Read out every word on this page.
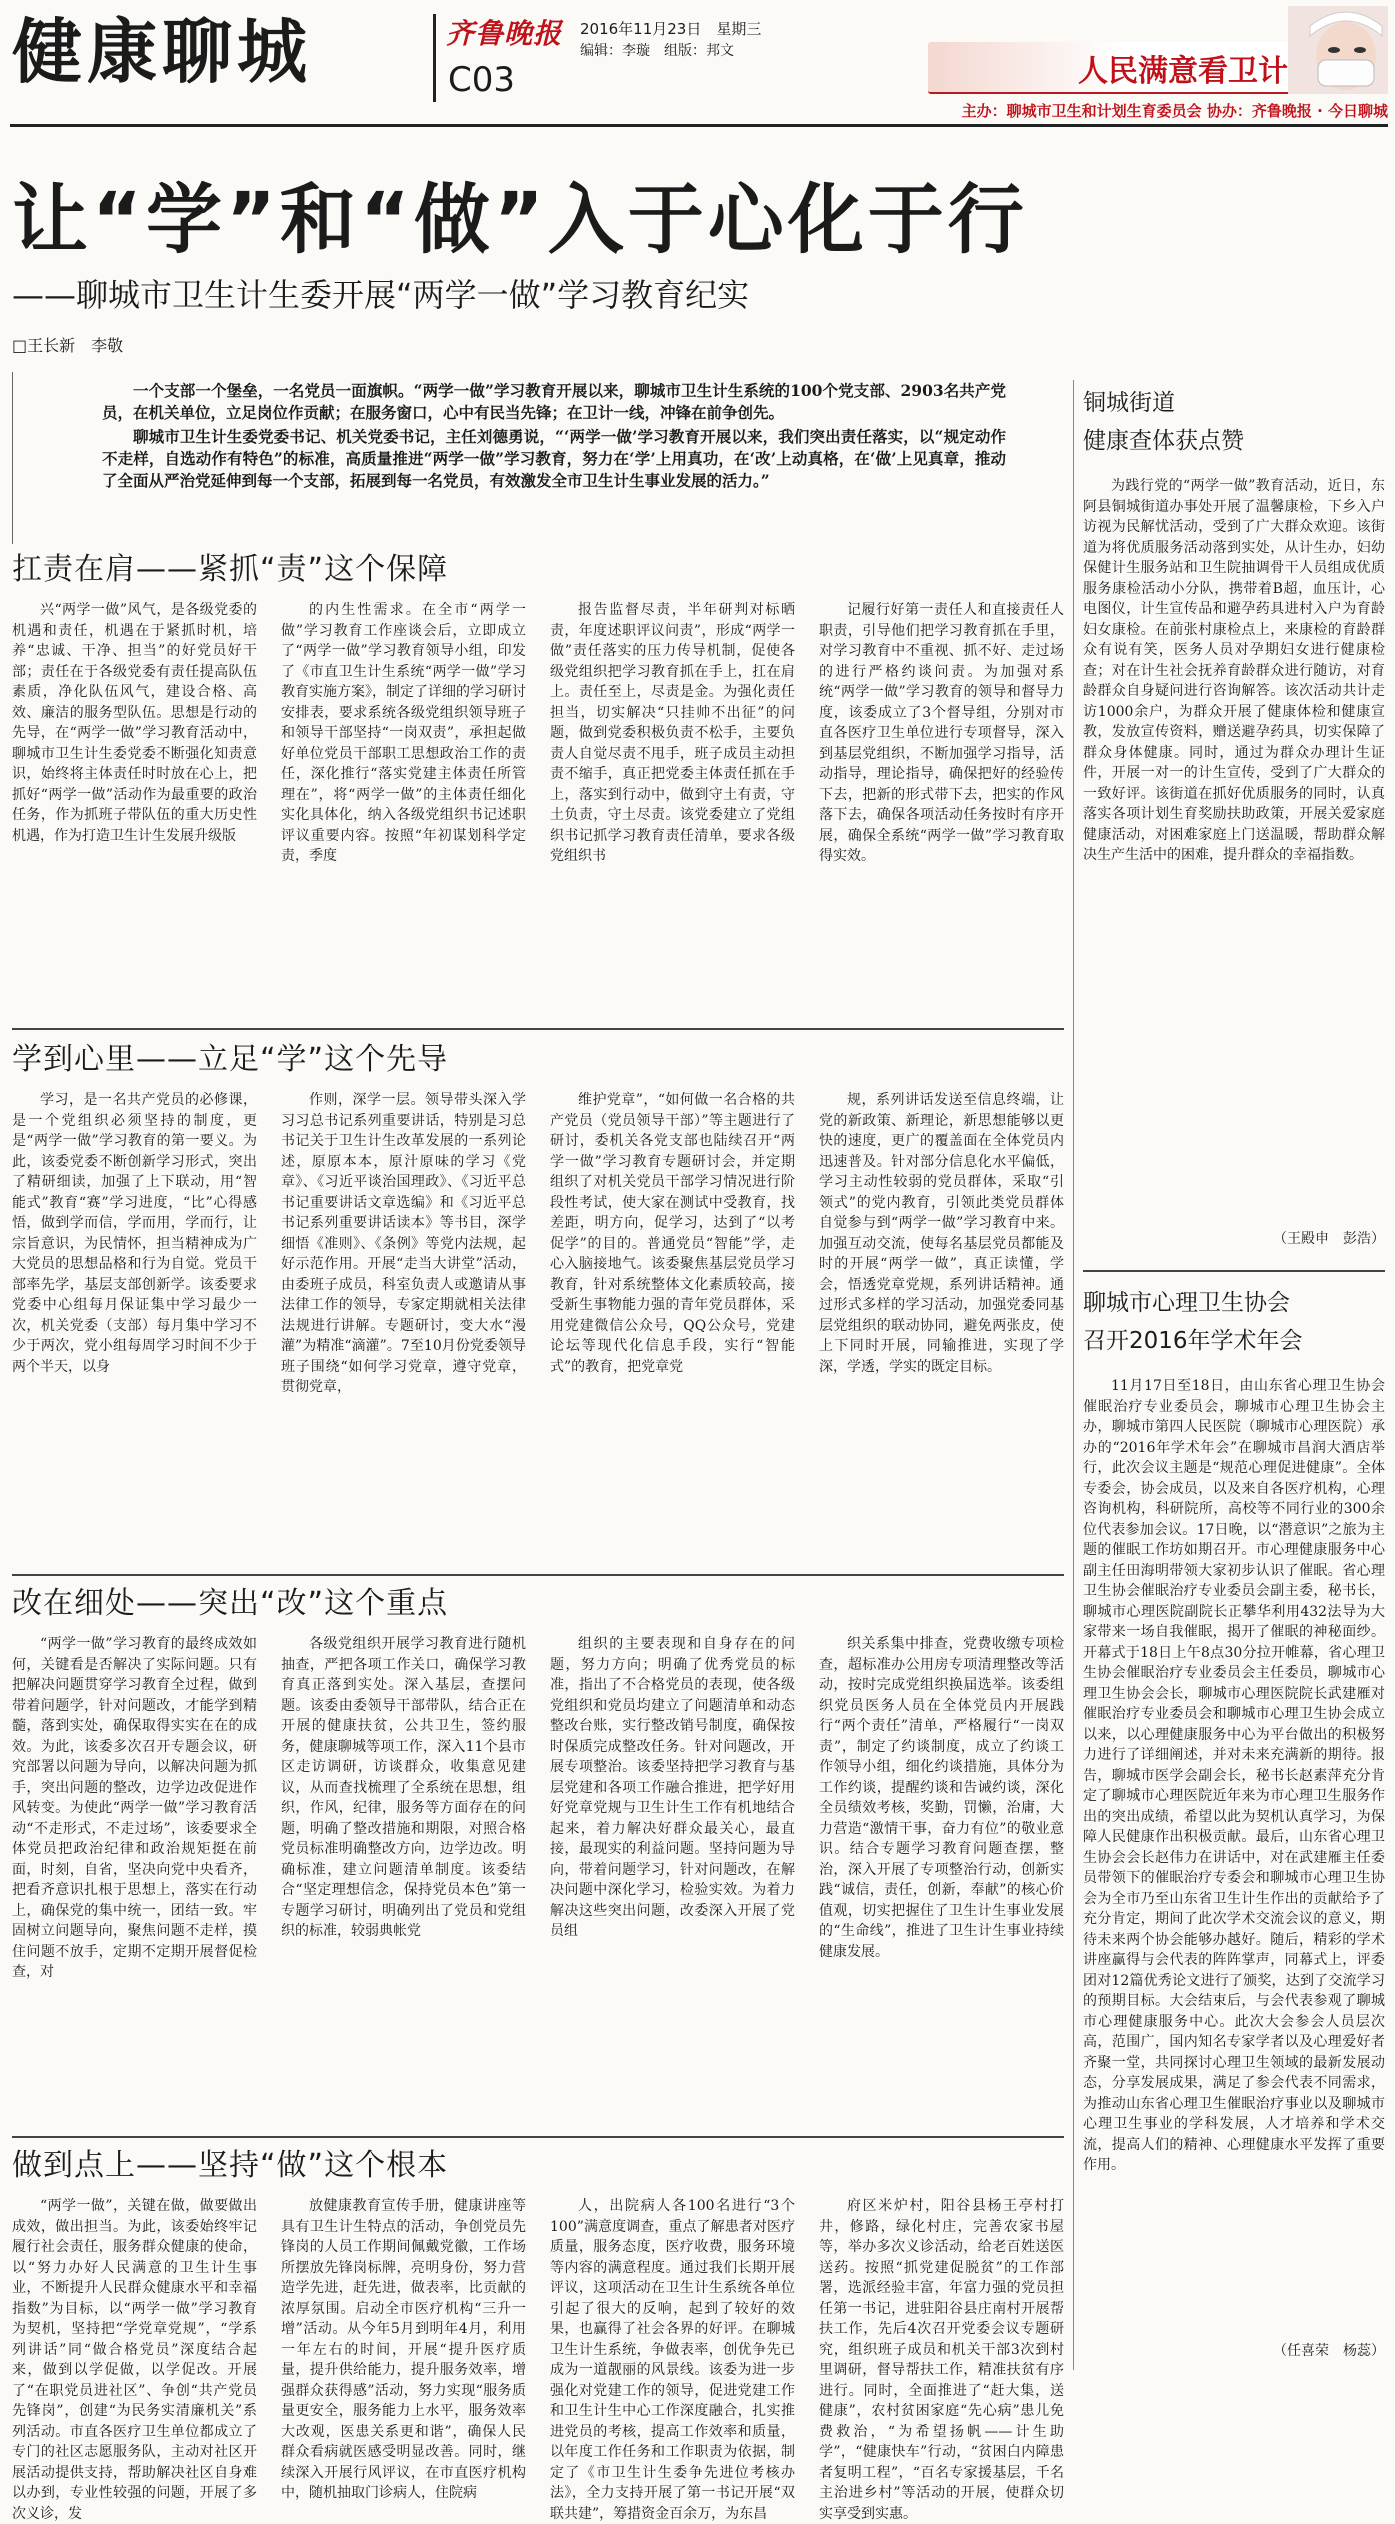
健康聊城	齐鲁晚报 2016年11月23日　星期三
编辑：李璇　组版：邦文
C03	人民满意看卫计
主办：聊城市卫生和计划生育委员会 协办：齐鲁晚报 · 今日聊城
让“学”和“做”入于心化于行
——聊城市卫生计生委开展“两学一做”学习教育纪实
□王长新　李敬

一个支部一个堡垒，一名党员一面旗帜。“两学一做”学习教育开展以来，聊城市卫生计生系统的100个党支部、2903名共产党员，在机关单位，立足岗位作贡献；在服务窗口，心中有民当先锋；在卫计一线，冲锋在前争创先。

聊城市卫生计生委党委书记、机关党委书记，主任刘德勇说，“‘两学一做’学习教育开展以来，我们突出责任落实，以“规定动作不走样，自选动作有特色”的标准，高质量推进“两学一做”学习教育，努力在‘学’上用真功，在‘改’上动真格，在‘做’上见真章，推动了全面从严治党延伸到每一个支部，拓展到每一名党员，有效激发全市卫生计生事业发展的活力。”

扛责在肩——紧抓“责”这个保障

兴“两学一做”风气，是各级党委的机遇和责任，机遇在于紧抓时机，培养“忠诚、干净、担当”的好党员好干部；责任在于各级党委有责任提高队伍素质，净化队伍风气，建设合格、高效、廉洁的服务型队伍。思想是行动的先导，在“两学一做”学习教育活动中，聊城市卫生计生委党委不断强化知责意识，始终将主体责任时时放在心上，把抓好“两学一做”活动作为最重要的政治任务，作为抓班子带队伍的重大历史性机遇，作为打造卫生计生发展升级版

的内生性需求。在全市“两学一做”学习教育工作座谈会后，立即成立了“两学一做”学习教育领导小组，印发了《市直卫生计生系统“两学一做”学习教育实施方案》，制定了详细的学习研讨安排表，要求系统各级党组织领导班子和领导干部坚持“一岗双责”，承担起做好单位党员干部职工思想政治工作的责任，深化推行“落实党建主体责任所管理在”，将“两学一做”的主体责任细化实化具体化，纳入各级党组织书记述职评议重要内容。按照“年初谋划科学定责，季度

报告监督尽责，半年研判对标晒责，年度述职评议问责”，形成“两学一做”责任落实的压力传导机制，促使各级党组织把学习教育抓在手上，扛在肩上。责任至上，尽责是金。为强化责任担当，切实解决“只挂帅不出征”的问题，做到党委积极负责不松手，主要负责人自觉尽责不甩手，班子成员主动担责不缩手，真正把党委主体责任抓在手上，落实到行动中，做到守土有责，守土负责，守土尽责。该党委建立了党组织书记抓学习教育责任清单，要求各级党组织书

记履行好第一责任人和直接责任人职责，引导他们把学习教育抓在手里，对学习教育中不重视、抓不好、走过场的进行严格约谈问责。为加强对系统“两学一做”学习教育的领导和督导力度，该委成立了3个督导组，分别对市直各医疗卫生单位进行专项督导，深入到基层党组织，不断加强学习指导，活动指导，理论指导，确保把好的经验传下去，把新的形式带下去，把实的作风落下去，确保各项活动任务按时有序开展，确保全系统“两学一做”学习教育取得实效。

学到心里——立足“学”这个先导

学习，是一名共产党员的必修课，是一个党组织必须坚持的制度，更是“两学一做”学习教育的第一要义。为此，该委党委不断创新学习形式，突出了精研细读，加强了上下联动，用“智能式”教育“赛”学习进度，“比”心得感悟，做到学而信，学而用，学而行，让宗旨意识，为民情怀，担当精神成为广大党员的思想品格和行为自觉。党员干部率先学，基层支部创新学。该委要求党委中心组每月保证集中学习最少一次，机关党委（支部）每月集中学习不少于两次，党小组每周学习时间不少于两个半天，以身

作则，深学一层。领导带头深入学习习总书记系列重要讲话，特别是习总书记关于卫生计生改革发展的一系列论述，原原本本，原汁原味的学习《党章》、《习近平谈治国理政》、《习近平总书记重要讲话文章选编》和《习近平总书记系列重要讲话读本》等书目，深学细悟《准则》、《条例》等党内法规，起好示范作用。开展“走当大讲堂”活动，由委班子成员，科室负责人或邀请从事法律工作的领导，专家定期就相关法律法规进行讲解。专题研讨，变大水“漫灌”为精准“滴灌”。7至10月份党委领导班子围绕“如何学习党章，遵守党章，贯彻党章，

维护党章”，“如何做一名合格的共产党员（党员领导干部）”等主题进行了研讨，委机关各党支部也陆续召开“两学一做”学习教育专题研讨会，并定期组织了对机关党员干部学习情况进行阶段性考试，使大家在测试中受教育，找差距，明方向，促学习，达到了“以考促学”的目的。普通党员“智能”学，走心入脑接地气。该委聚焦基层党员学习教育，针对系统整体文化素质较高，接受新生事物能力强的青年党员群体，采用党建微信公众号，QQ公众号，党建论坛等现代化信息手段，实行“智能式”的教育，把党章党

规，系列讲话发送至信息终端，让党的新政策、新理论，新思想能够以更快的速度，更广的覆盖面在全体党员内迅速普及。针对部分信息化水平偏低，学习主动性较弱的党员群体，采取“引领式”的党内教育，引领此类党员群体自觉参与到“两学一做”学习教育中来。加强互动交流，使每名基层党员都能及时的开展“两学一做”，真正读懂，学会，悟透党章党规，系列讲话精神。通过形式多样的学习活动，加强党委同基层党组织的联动协同，避免两张皮，使上下同时开展，同输推进，实现了学深，学透，学实的既定目标。

改在细处——突出“改”这个重点

“两学一做”学习教育的最终成效如何，关键看是否解决了实际问题。只有把解决问题贯穿学习教育全过程，做到带着问题学，针对问题改，才能学到精髓，落到实处，确保取得实实在在的成效。为此，该委多次召开专题会议，研究部署以问题为导向，以解决问题为抓手，突出问题的整改，边学边改促进作风转变。为使此“两学一做”学习教育活动“不走形式，不走过场”，该委要求全体党员把政治纪律和政治规矩挺在前面，时刻，自省，坚决向党中央看齐，把看齐意识扎根于思想上，落实在行动上，确保党的集中统一，团结一致。牢固树立问题导向，聚焦问题不走样，摸住问题不放手，定期不定期开展督促检查，对

各级党组织开展学习教育进行随机抽查，严把各项工作关口，确保学习教育真正落到实处。深入基层，查摆问题。该委由委领导干部带队，结合正在开展的健康扶贫，公共卫生，签约服务，健康聊城等项工作，深入11个县市区走访调研，访谈群众，收集意见建议，从而查找梳理了全系统在思想，组织，作风，纪律，服务等方面存在的问题，明确了整改措施和期限，对照合格党员标准明确整改方向，边学边改。明确标准，建立问题清单制度。该委结合“坚定理想信念，保持党员本色”第一专题学习研讨，明确列出了党员和党组织的标准，较弱典帐党

组织的主要表现和自身存在的问题，努力方向；明确了优秀党员的标准，指出了不合格党员的表现，使各级党组织和党员均建立了问题清单和动态整改台账，实行整改销号制度，确保按时保质完成整改任务。针对问题改，开展专项整治。该委坚持把学习教育与基层党建和各项工作融合推进，把学好用好党章党规与卫生计生工作有机地结合起来，着力解决好群众最关心，最直接，最现实的利益问题。坚持问题为导向，带着问题学习，针对问题改，在解决问题中深化学习，检验实效。为着力解决这些突出问题，改委深入开展了党员组

织关系集中排查，党费收缴专项检查，超标准办公用房专项清理整改等活动，按时完成党组织换届选举。该委组织党员医务人员在全体党员内开展践行“两个责任”清单，严格履行“一岗双责”，制定了约谈制度，成立了约谈工作领导小组，细化约谈措施，具体分为工作约谈，提醒约谈和告诫约谈，深化全员绩效考核，奖勤，罚懒，治庸，大力营造“激情干事，奋力有位”的敬业意识。结合专题学习教育问题查摆，整治，深入开展了专项整治行动，创新实践“诚信，责任，创新，奉献”的核心价值观，切实把握住了卫生计生事业发展的“生命线”，推进了卫生计生事业持续健康发展。

做到点上——坚持“做”这个根本

“两学一做”，关键在做，做要做出成效，做出担当。为此，该委始终牢记履行社会责任，服务群众健康的使命，以“努力办好人民满意的卫生计生事业，不断提升人民群众健康水平和幸福指数”为目标，以“两学一做”学习教育为契机，坚持把“学党章党规”，“学系列讲话”同“做合格党员”深度结合起来，做到以学促做，以学促改。开展了“在职党员进社区”、争创“共产党员先锋岗”，创建“为民务实清廉机关”系列活动。市直各医疗卫生单位都成立了专门的社区志愿服务队，主动对社区开展活动提供支持，帮助解决社区自身难以办到，专业性较强的问题，开展了多次义诊，发

放健康教育宣传手册，健康讲座等具有卫生计生特点的活动，争创党员先锋岗的人员工作期间佩戴党徽，工作场所摆放先锋岗标牌，亮明身份，努力营造学先进，赶先进，做表率，比贡献的浓厚氛围。启动全市医疗机构“三升一增”活动。从今年5月到明年4月，利用一年左右的时间，开展“提升医疗质量，提升供给能力，提升服务效率，增强群众获得感”活动，努力实现“服务质量更安全，服务能力上水平，服务效率大改观，医患关系更和谐”，确保人民群众看病就医感受明显改善。同时，继续深入开展行风评议，在市直医疗机构中，随机抽取门诊病人，住院病

人，出院病人各100名进行“3个100”满意度调查，重点了解患者对医疗质量，服务态度，医疗收费，服务环境等内容的满意程度。通过我们长期开展评议，这项活动在卫生计生系统各单位引起了很大的反响，起到了较好的效果，也赢得了社会各界的好评。在聊城卫生计生系统，争做表率，创优争先已成为一道靓丽的风景线。该委为进一步强化对党建工作的领导，促进党建工作和卫生计生中心工作深度融合，扎实推进党员的考核，提高工作效率和质量，以年度工作任务和工作职责为依据，制定了《市卫生计生委争先进位考核办法》，全力支持开展了第一书记开展“双联共建”，筹措资金百余万，为东昌

府区米炉村，阳谷县杨王亭村打井，修路，绿化村庄，完善农家书屋等，举办多次义诊活动，给老百姓送医送药。按照“抓党建促脱贫”的工作部署，选派经验丰富，年富力强的党员担任第一书记，进驻阳谷县庄南村开展帮扶工作，先后4次召开党委会议专题研究，组织班子成员和机关干部3次到村里调研，督导帮扶工作，精准扶贫有序进行。同时，全面推进了“赶大集，送健康”，农村贫困家庭“先心病”患儿免费救治，“为希望扬帆——计生助学”，“健康快车”行动，“贫困白内障患者复明工程”，“百名专家援基层，千名主治进乡村”等活动的开展，使群众切实享受到实惠。

铜城街道
健康查体获点赞

为践行党的“两学一做”教育活动，近日，东阿县铜城街道办事处开展了温馨康检，下乡入户访视为民解忧活动，受到了广大群众欢迎。该街道为将优质服务活动落到实处，从计生办，妇幼保健计生服务站和卫生院抽调骨干人员组成优质服务康检活动小分队，携带着B超，血压计，心电图仪，计生宣传品和避孕药具进村入户为育龄妇女康检。在前张村康检点上，来康检的育龄群众有说有笑，医务人员对孕期妇女进行健康检查；对在计生社会抚养育龄群众进行随访，对育龄群众自身疑问进行咨询解答。该次活动共计走访1000余户，为群众开展了健康体检和健康宣教，发放宣传资料，赠送避孕药具，切实保障了群众身体健康。同时，通过为群众办理计生证件，开展一对一的计生宣传，受到了广大群众的一致好评。该街道在抓好优质服务的同时，认真落实各项计划生育奖励扶助政策，开展关爱家庭健康活动，对困难家庭上门送温暖，帮助群众解决生产生活中的困难，提升群众的幸福指数。

（王殿申　彭浩）
聊城市心理卫生协会
召开2016年学术年会

11月17日至18日，由山东省心理卫生协会催眠治疗专业委员会，聊城市心理卫生协会主办，聊城市第四人民医院（聊城市心理医院）承办的“2016年学术年会”在聊城市昌润大酒店举行，此次会议主题是“规范心理促进健康”。全体专委会，协会成员，以及来自各医疗机构，心理咨询机构，科研院所，高校等不同行业的300余位代表参加会议。17日晚，以“潜意识”之旅为主题的催眠工作坊如期召开。市心理健康服务中心副主任田海明带领大家初步认识了催眠。省心理卫生协会催眠治疗专业委员会副主委，秘书长，聊城市心理医院副院长正攀华利用432法导为大家带来一场自我催眠，揭开了催眠的神秘面纱。开幕式于18日上午8点30分拉开帷幕，省心理卫生协会催眠治疗专业委员会主任委员，聊城市心理卫生协会会长，聊城市心理医院院长武建雁对催眠治疗专业委员会和聊城市心理卫生协会成立以来，以心理健康服务中心为平台做出的积极努力进行了详细阐述，并对未来充满新的期待。报告，聊城市医学会副会长，秘书长赵素萍充分肯定了聊城市心理医院近年来为市心理卫生服务作出的突出成绩，希望以此为契机认真学习，为保障人民健康作出积极贡献。最后，山东省心理卫生协会会长赵伟力在讲话中，对在武建雁主任委员带领下的催眠治疗专委会和聊城市心理卫生协会为全市乃至山东省卫生计生作出的贡献给予了充分肯定，期间了此次学术交流会议的意义，期待未来两个协会能够办越好。随后，精彩的学术讲座赢得与会代表的阵阵掌声，同幕式上，评委团对12篇优秀论文进行了颁奖，达到了交流学习的预期目标。大会结束后，与会代表参观了聊城市心理健康服务中心。此次大会参会人员层次高，范围广，国内知名专家学者以及心理爱好者齐聚一堂，共同探讨心理卫生领域的最新发展动态，分享发展成果，满足了参会代表不同需求，为推动山东省心理卫生催眠治疗事业以及聊城市心理卫生事业的学科发展，人才培养和学术交流，提高人们的精神、心理健康水平发挥了重要作用。

（任喜荣　杨蕊）
